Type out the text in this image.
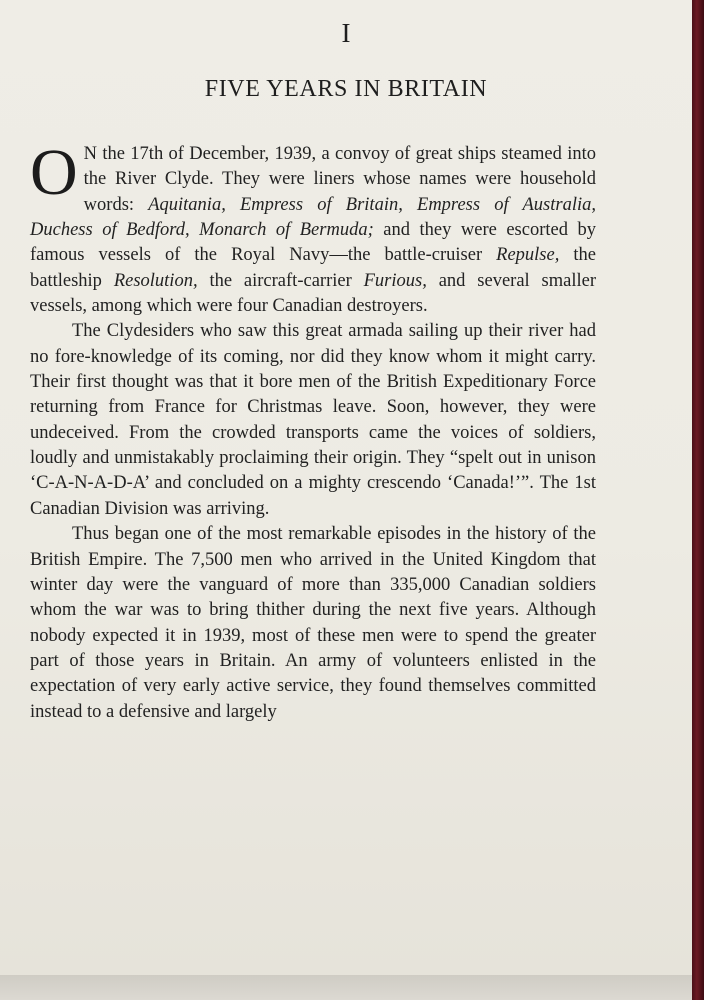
I
FIVE YEARS IN BRITAIN

O N the 17th of December, 1939, a convoy of great ships steamed into the River Clyde. They were liners whose names were household words: Aquitania, Empress of Britain, Empress of Australia, Duchess of Bedford, Monarch of Bermuda; and they were escorted by famous vessels of the Royal Navy—the battle-cruiser Repulse, the battleship Resolution, the aircraft-carrier Furious, and several smaller vessels, among which were four Canadian destroyers.

The Clydesiders who saw this great armada sailing up their river had no fore-knowledge of its coming, nor did they know whom it might carry. Their first thought was that it bore men of the British Expeditionary Force returning from France for Christmas leave. Soon, however, they were undeceived. From the crowded transports came the voices of soldiers, loudly and unmistakably proclaiming their origin. They “spelt out in unison ‘C-A-N-A-D-A’ and concluded on a mighty crescendo ‘Canada!’”. The 1st Canadian Division was arriving.

Thus began one of the most remarkable episodes in the history of the British Empire. The 7,500 men who arrived in the United Kingdom that winter day were the vanguard of more than 335,000 Canadian soldiers whom the war was to bring thither during the next five years. Although nobody expected it in 1939, most of these men were to spend the greater part of those years in Britain. An army of volunteers enlisted in the expectation of very early active service, they found themselves committed instead to a defensive and largely
